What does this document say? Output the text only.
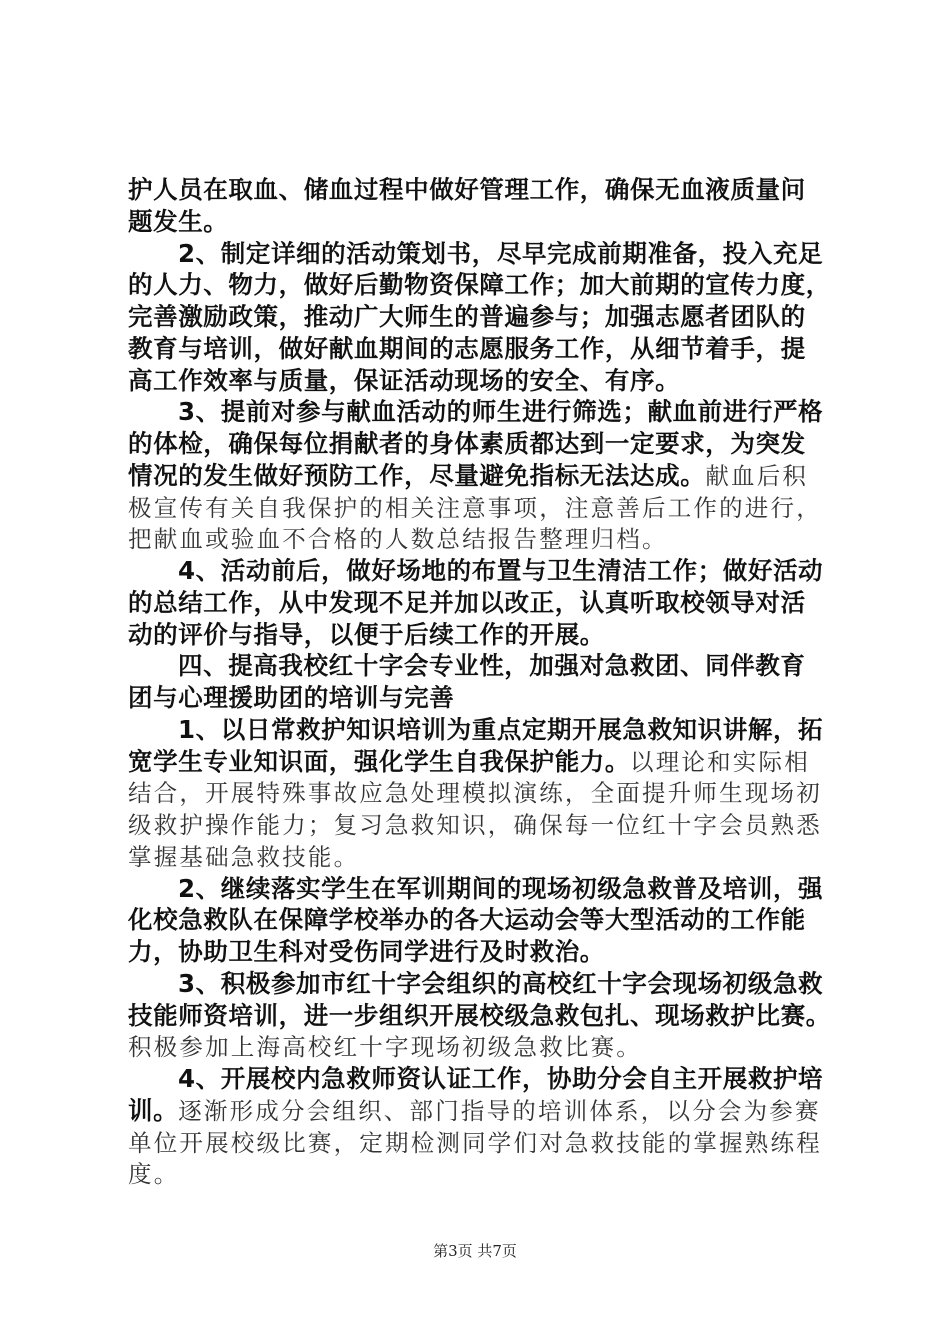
护人员在取血、储血过程中做好管理工作，确保无血液质量问
题发生。
2、制定详细的活动策划书，尽早完成前期准备，投入充足
的人力、物力，做好后勤物资保障工作；加大前期的宣传力度，
完善激励政策，推动广大师生的普遍参与；加强志愿者团队的
教育与培训，做好献血期间的志愿服务工作，从细节着手，提
高工作效率与质量，保证活动现场的安全、有序。
3、提前对参与献血活动的师生进行筛选；献血前进行严格
的体检，确保每位捐献者的身体素质都达到一定要求，为突发
情况的发生做好预防工作，尽量避免指标无法达成。献血后积
极宣传有关自我保护的相关注意事项，注意善后工作的进行，
把献血或验血不合格的人数总结报告整理归档。
4、活动前后，做好场地的布置与卫生清洁工作；做好活动
的总结工作，从中发现不足并加以改正，认真听取校领导对活
动的评价与指导，以便于后续工作的开展。
四、提高我校红十字会专业性，加强对急救团、同伴教育
团与心理援助团的培训与完善
1、以日常救护知识培训为重点定期开展急救知识讲解，拓
宽学生专业知识面，强化学生自我保护能力。以理论和实际相
结合，开展特殊事故应急处理模拟演练，全面提升师生现场初
级救护操作能力；复习急救知识，确保每一位红十字会员熟悉
掌握基础急救技能。
2、继续落实学生在军训期间的现场初级急救普及培训，强
化校急救队在保障学校举办的各大运动会等大型活动的工作能
力，协助卫生科对受伤同学进行及时救治。
3、积极参加市红十字会组织的高校红十字会现场初级急救
技能师资培训，进一步组织开展校级急救包扎、现场救护比赛。
积极参加上海高校红十字现场初级急救比赛。
4、开展校内急救师资认证工作，协助分会自主开展救护培
训。逐渐形成分会组织、部门指导的培训体系，以分会为参赛
单位开展校级比赛，定期检测同学们对急救技能的掌握熟练程
度。
第3页 共7页
